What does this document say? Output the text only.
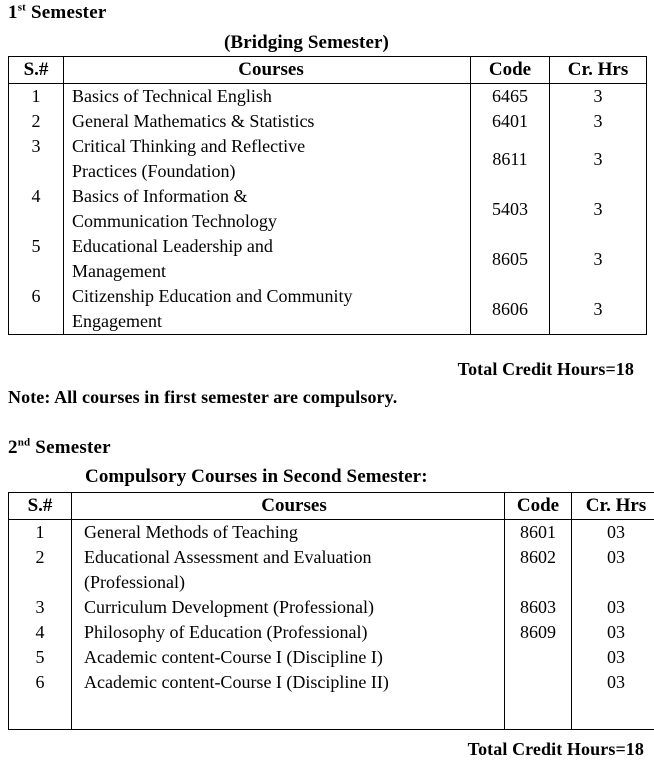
1st Semester
(Bridging Semester)
S.#	Courses	Code	Cr. Hrs
1	Basics of Technical English	6465	3
2	General Mathematics & Statistics	6401	3

3	Critical Thinking and Reflective
Practices (Foundation)	8611	3

4	Basics of Information &
Communication Technology	5403	3

5	Educational Leadership and
Management	8605	3

6	Citizenship Education and Community
Engagement	8606	3
Total Credit Hours=18
Note: All courses in first semester are compulsory.
2nd Semester
Compulsory Courses in Second Semester:
S.#	Courses	Code	Cr. Hrs

1	General Methods of Teaching	8601	03

2	Educational Assessment and Evaluation
(Professional)	8602	03

3	Curriculum Development (Professional)	8603	03

4	Philosophy of Education (Professional)	8609	03

5	Academic content-Course I (Discipline I)		03

6	Academic content-Course I (Discipline II)		03

Total Credit Hours=18
